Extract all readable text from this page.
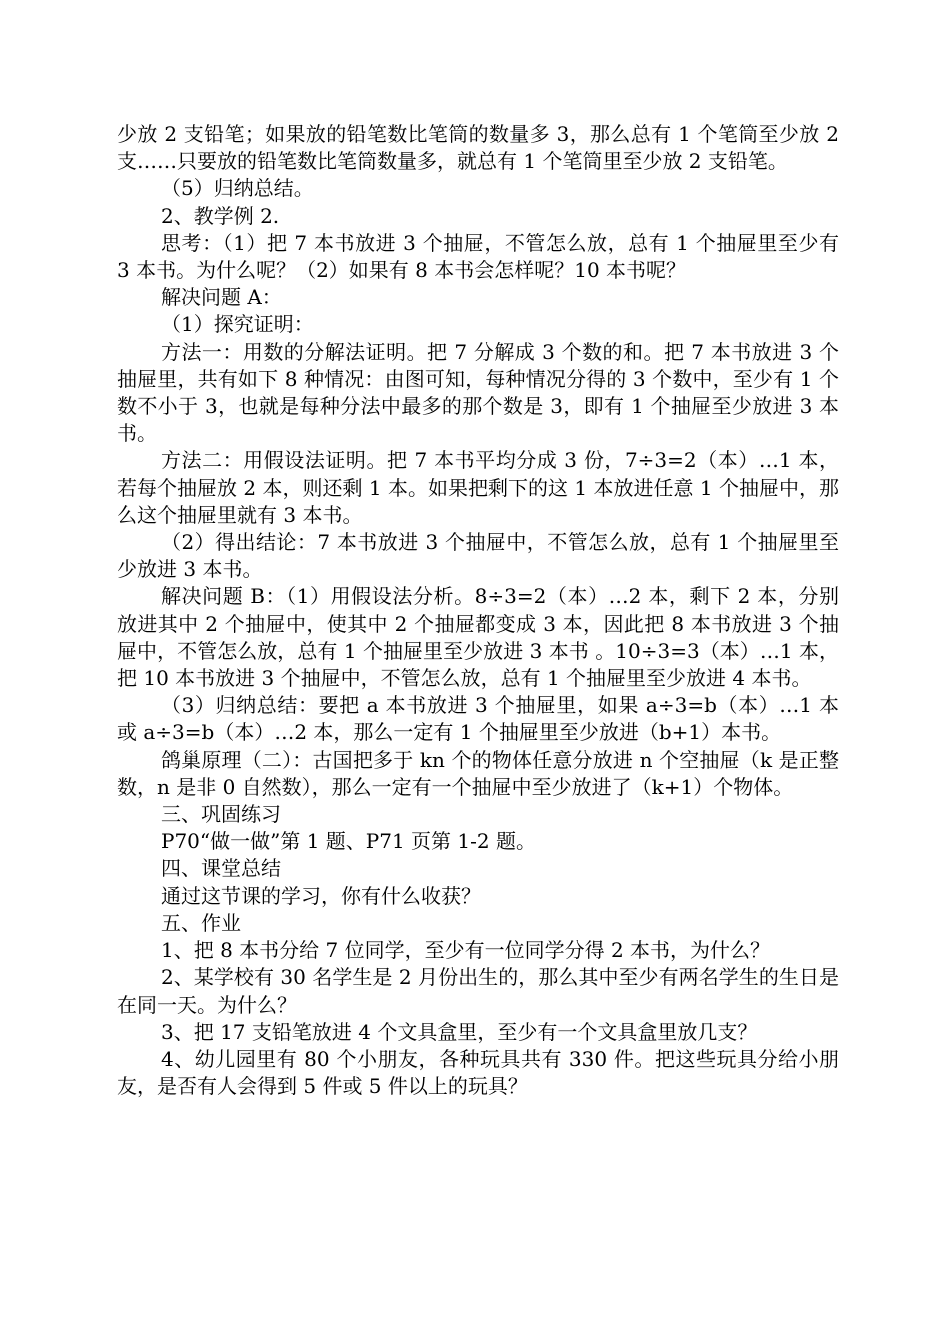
少放 2 支铅笔；如果放的铅笔数比笔筒的数量多 3，那么总有 1 个笔筒至少放 2 支……只要放的铅笔数比笔筒数量多，就总有 1 个笔筒里至少放 2 支铅笔。

（5）归纳总结。

2、教学例 2.

思考：（1）把 7 本书放进 3 个抽屉，不管怎么放，总有 1 个抽屉里至少有 3 本书。为什么呢？（2）如果有 8 本书会怎样呢？10 本书呢？

解决问题 A：

（1）探究证明：

方法一：用数的分解法证明。把 7 分解成 3 个数的和。把 7 本书放进 3 个抽屉里，共有如下 8 种情况：由图可知，每种情况分得的 3 个数中，至少有 1 个数不小于 3，也就是每种分法中最多的那个数是 3，即有 1 个抽屉至少放进 3 本书。

方法二：用假设法证明。把 7 本书平均分成 3 份，7÷3=2（本）…1 本，若每个抽屉放 2 本，则还剩 1 本。如果把剩下的这 1 本放进任意 1 个抽屉中，那么这个抽屉里就有 3 本书。

（2）得出结论：7 本书放进 3 个抽屉中，不管怎么放，总有 1 个抽屉里至少放进 3 本书。

解决问题 B：（1）用假设法分析。8÷3=2（本）…2 本，剩下 2 本，分别放进其中 2 个抽屉中，使其中 2 个抽屉都变成 3 本，因此把 8 本书放进 3 个抽屉中，不管怎么放，总有 1 个抽屉里至少放进 3 本书 。10÷3=3（本）…1 本，把 10 本书放进 3 个抽屉中，不管怎么放，总有 1 个抽屉里至少放进 4 本书。

（3）归纳总结：要把 a 本书放进 3 个抽屉里，如果 a÷3=b（本）…1 本或 a÷3=b（本）…2 本，那么一定有 1 个抽屉里至少放进（b+1）本书。

鸽巢原理（二）：古国把多于 kn 个的物体任意分放进 n 个空抽屉（k 是正整数，n 是非 0 自然数），那么一定有一个抽屉中至少放进了（k+1）个物体。

三、巩固练习

P70“做一做”第 1 题、P71 页第 1-2 题。

四、课堂总结

通过这节课的学习，你有什么收获？

五、作业

1、把 8 本书分给 7 位同学，至少有一位同学分得 2 本书，为什么？

2、某学校有 30 名学生是 2 月份出生的，那么其中至少有两名学生的生日是在同一天。为什么？

3、把 17 支铅笔放进 4 个文具盒里，至少有一个文具盒里放几支？

4、幼儿园里有 80 个小朋友，各种玩具共有 330 件。把这些玩具分给小朋友，是否有人会得到 5 件或 5 件以上的玩具？
